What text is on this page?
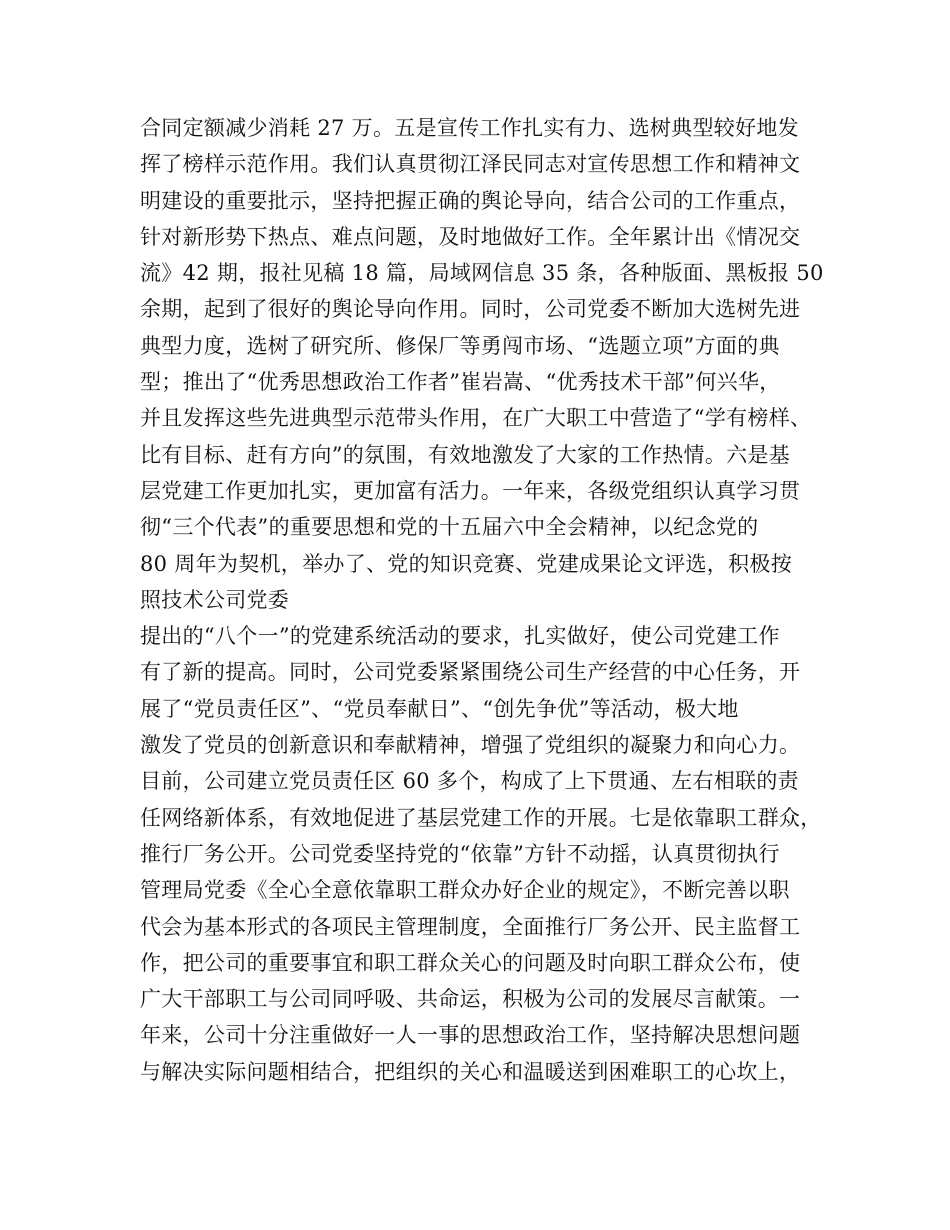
合同定额减少消耗 27 万。五是宣传工作扎实有力、选树典型较好地发
挥了榜样示范作用。我们认真贯彻江泽民同志对宣传思想工作和精神文
明建设的重要批示，坚持把握正确的舆论导向，结合公司的工作重点，
针对新形势下热点、难点问题，及时地做好工作。全年累计出《情况交
流》42 期，报社见稿 18 篇，局域网信息 35 条，各种版面、黑板报 50
余期，起到了很好的舆论导向作用。同时，公司党委不断加大选树先进
典型力度，选树了研究所、修保厂等勇闯市场、“选题立项”方面的典
型；推出了“优秀思想政治工作者”崔岩嵩、“优秀技术干部”何兴华，
并且发挥这些先进典型示范带头作用，在广大职工中营造了“学有榜样、
比有目标、赶有方向”的氛围，有效地激发了大家的工作热情。六是基
层党建工作更加扎实，更加富有活力。一年来，各级党组织认真学习贯
彻“三个代表”的重要思想和党的十五届六中全会精神，以纪念党的
80 周年为契机，举办了、党的知识竞赛、党建成果论文评选，积极按
照技术公司党委
提出的“八个一”的党建系统活动的要求，扎实做好，使公司党建工作
有了新的提高。同时，公司党委紧紧围绕公司生产经营的中心任务，开
展了“党员责任区”、“党员奉献日”、“创先争优”等活动，极大地
激发了党员的创新意识和奉献精神，增强了党组织的凝聚力和向心力。
目前，公司建立党员责任区 60 多个，构成了上下贯通、左右相联的责
任网络新体系，有效地促进了基层党建工作的开展。七是依靠职工群众，
推行厂务公开。公司党委坚持党的“依靠”方针不动摇，认真贯彻执行
管理局党委《全心全意依靠职工群众办好企业的规定》，不断完善以职
代会为基本形式的各项民主管理制度，全面推行厂务公开、民主监督工
作，把公司的重要事宜和职工群众关心的问题及时向职工群众公布，使
广大干部职工与公司同呼吸、共命运，积极为公司的发展尽言献策。一
年来，公司十分注重做好一人一事的思想政治工作，坚持解决思想问题
与解决实际问题相结合，把组织的关心和温暖送到困难职工的心坎上，
